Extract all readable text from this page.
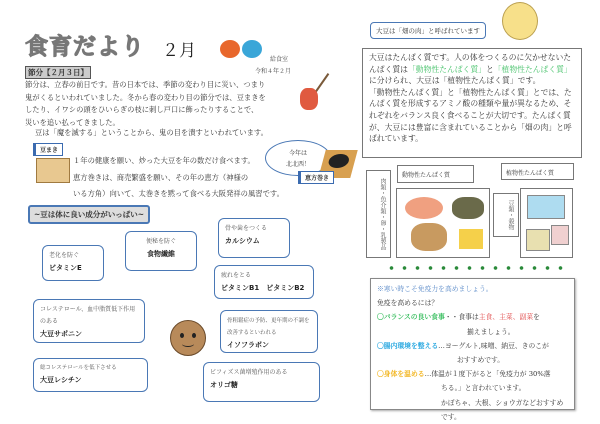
食育だより ２月	給食室
令和４年２月
節分【２月３日】
節分は、立春の前日です。昔の日本では、季節の変わり目に災い、つまり
鬼がくるといわれていました。冬から春の変わり目の節分では、豆まきを
したり、イワシの頭をひいらぎの枝に刺し戸口に飾ったりすることで、
災いを追い払ってきました。
豆は「魔を滅する」ということから、鬼の目を潰すといわれています。
豆まき
１年の健康を願い、炒った大豆を年の数だけ食べます。
恵方巻きは、商売繁盛を願い、その年の恵方（神様の
いる方角）向いて、太巻きを黙って食べる大阪発祥の風習です。
今年は
北北西！
恵方巻き
~豆は体に良い成分がいっぱい~
老化を防ぐ
ビタミンE
便秘を防ぐ
食物繊維
骨や歯をつくる
カルシウム
疲れをとる
ビタミンB1　ビタミンB2
コレステロール、血中脂質低下作用のある
大豆サポニン
骨粗鬆症の予防、更年期の不調を改善するといわれる
イソフラボン
総コレステロールを低下させる
大豆レシチン
ビフィズス菌増殖作用のある
オリゴ糖
大豆は「畑の肉」と呼ばれています
大豆はたんぱく質です。人の体をつくるのに欠かせないたんぱく質は「動物性たんぱく質」と「植物性たんぱく質」に分けられ、大豆は「植物性たんぱく質」です。
「動物性たんぱく質」と「植物性たんぱく質」とでは、たんぱく質を形成するアミノ酸の種類や量が異なるため、それぞれをバランス良く食べることが大切です。たんぱく質が、大豆には豊富に含まれていることから「畑の肉」と呼ばれています。
肉類・魚介類・卵・乳製品
動物性たんぱく質
豆類・穀物
植物性たんぱく質
※寒い時こそ免疫力を高めましょう。
免疫を高めるには？
〇バランスの良い食事・・食事は主食、主菜、副菜を
揃えましょう。
〇腸内環境を整える…ヨーグルト,味噌、納豆、きのこが
おすすめです。
〇身体を温める…体温が１度下がると「免疫力が 30%落
ちる。」と言われています。
かぼちゃ、大根、ショウガなどおすすめ
です。
